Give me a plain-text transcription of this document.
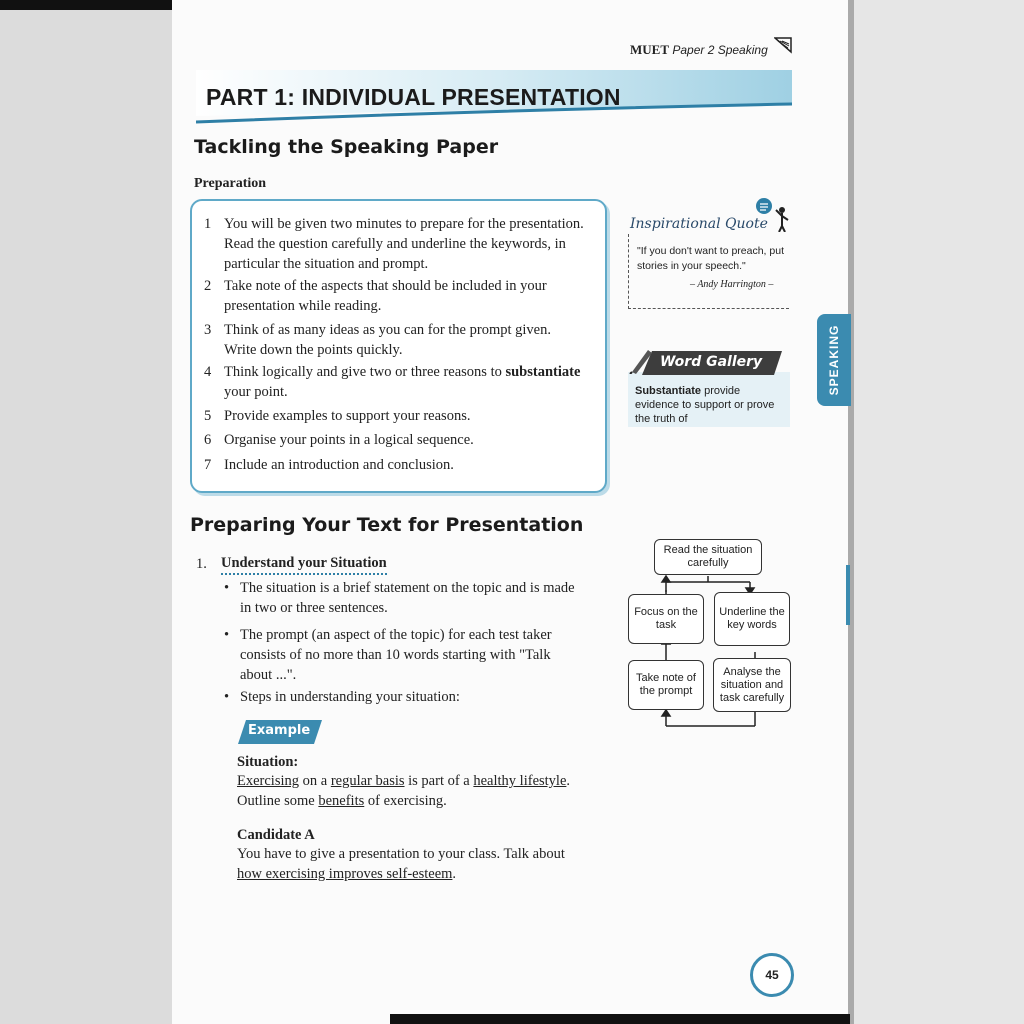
MUET Paper 2 Speaking
PART 1: INDIVIDUAL PRESENTATION
Tackling the Speaking Paper
Preparation
1 You will be given two minutes to prepare for the presentation.
Read the question carefully and underline the keywords, in
particular the situation and prompt.
2 Take note of the aspects that should be included in your
presentation while reading.
3 Think of as many ideas as you can for the prompt given.
Write down the points quickly.
4 Think logically and give two or three reasons to substantiate
your point.
5 Provide examples to support your reasons.
6 Organise your points in a logical sequence.
7 Include an introduction and conclusion.
Inspirational Quote
"If you don't want to preach, put
stories in your speech."
– Andy Harrington –
Word Gallery
Substantiate provide
evidence to support or prove
the truth of
SPEAKING
Preparing Your Text for Presentation
1. Understand your Situation
• The situation is a brief statement on the topic and is made
in two or three sentences.
• The prompt (an aspect of the topic) for each test taker
consists of no more than 10 words starting with "Talk
about ...".
• Steps in understanding your situation:
Example
Situation:
Exercising on a regular basis is part of a healthy lifestyle.
Outline some benefits of exercising.
Candidate A
You have to give a presentation to your class. Talk about
how exercising improves self-esteem.
Read the situation carefully
Focus on the task
Underline the key words
Take note of the prompt
Analyse the situation and task carefully
45
